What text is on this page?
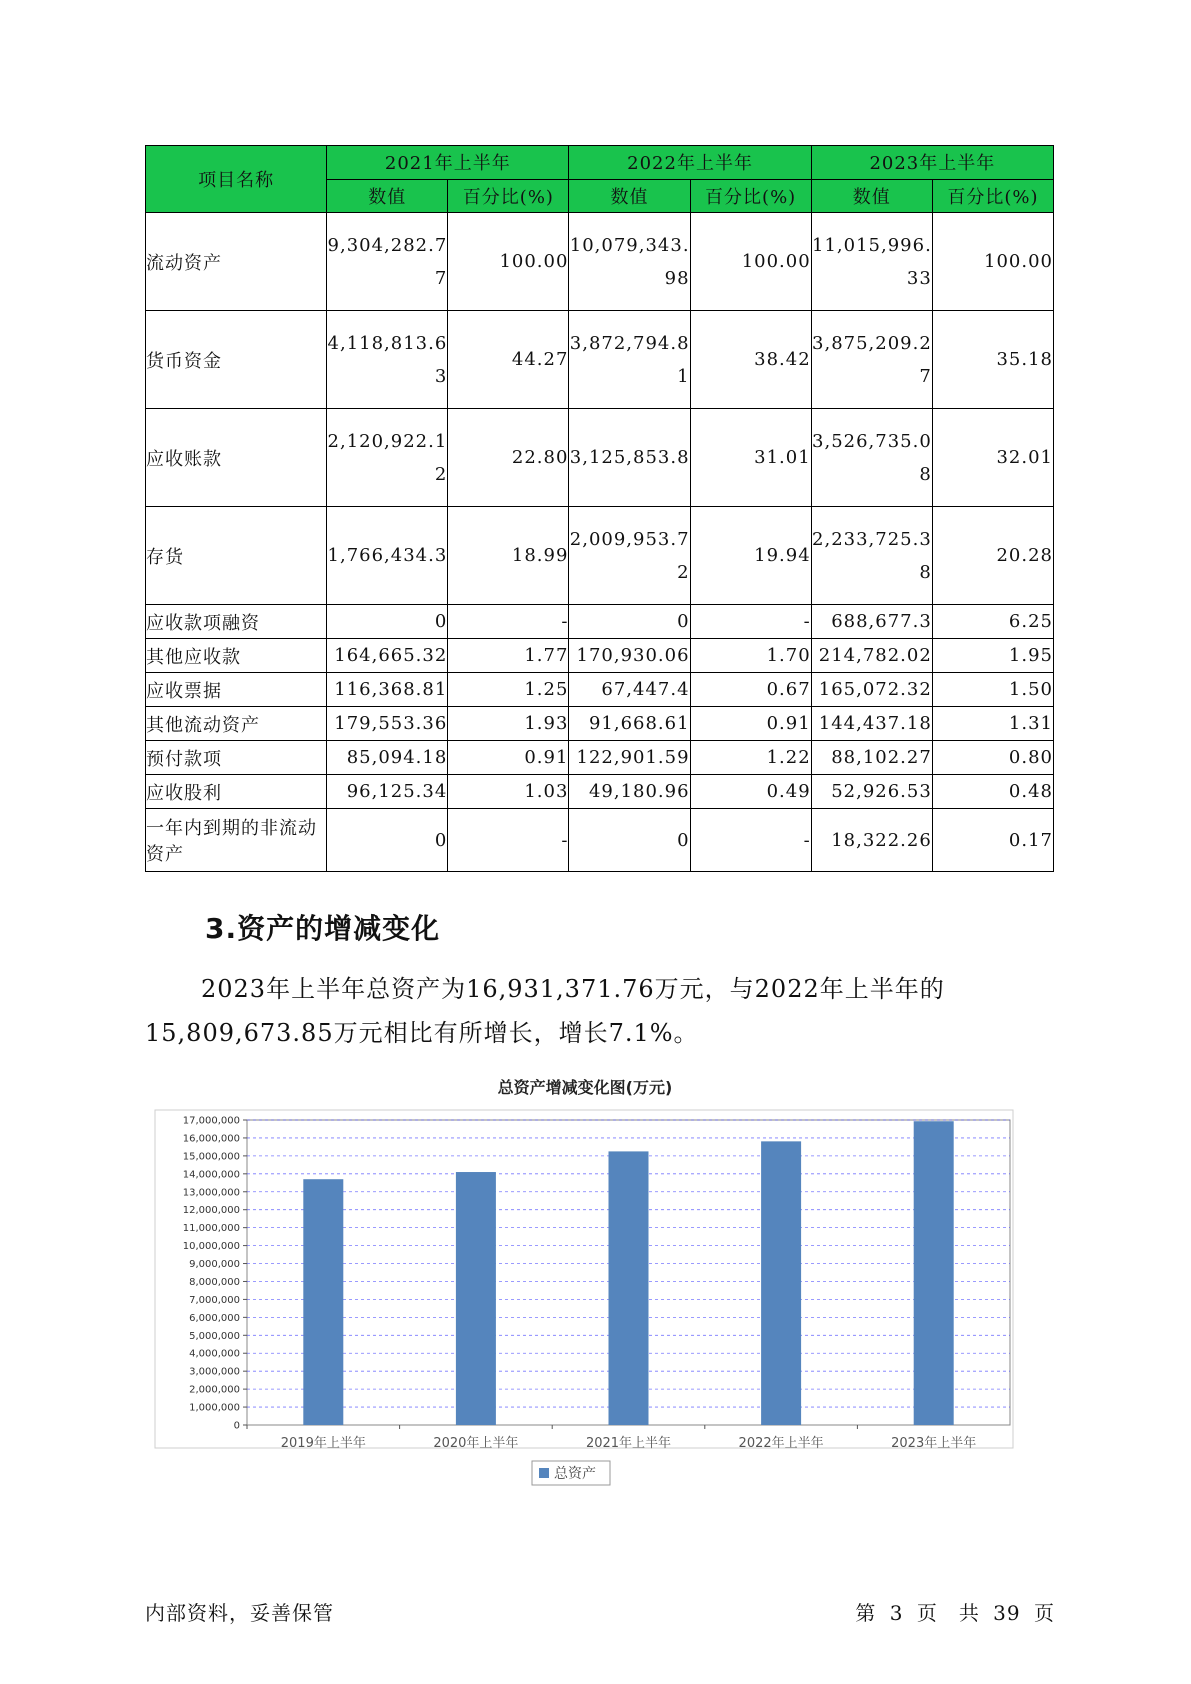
项目名称	2021年上半年		2022年上半年		2023年上半年	
	数值	百分比(%)	数值	百分比(%)	数值	百分比(%)
流动资产	9,304,282.77	100.00	10,079,343.98	100.00	11,015,996.33	100.00

货币资金	4,118,813.63	44.27	3,872,794.81	38.42	3,875,209.27	35.18

应收账款	2,120,922.12	22.80	3,125,853.8	31.01	3,526,735.08	32.01

存货	1,766,434.3	18.99	2,009,953.72	19.94	2,233,725.38	20.28

应收款项融资	0	-	0	-	688,677.3	6.25

其他应收款	164,665.32	1.77	170,930.06	1.70	214,782.02	1.95

应收票据	116,368.81	1.25	67,447.4	0.67	165,072.32	1.50

其他流动资产	179,553.36	1.93	91,668.61	0.91	144,437.18	1.31

预付款项	85,094.18	0.91	122,901.59	1.22	88,102.27	0.80

应收股利	96,125.34	1.03	49,180.96	0.49	52,926.53	0.48

一年内到期的非流动资产	0	-	0	-	18,322.26	0.17
3.资产的增减变化
2023年上半年总资产为16,931,371.76万元，与2022年上半年的15,809,673.85万元相比有所增长，增长7.1%。
总资产增减变化图(万元)
0
1,000,000
2,000,000
3,000,000
4,000,000
5,000,000
6,000,000
7,000,000
8,000,000
9,000,000
10,000,000
11,000,000
12,000,000
13,000,000
14,000,000
15,000,000
16,000,000
17,000,000
2019年上半年	2020年上半年	2021年上半年	2022年上半年	2023年上半年
总资产
内部资料，妥善保管	第 3 页　共 39 页
